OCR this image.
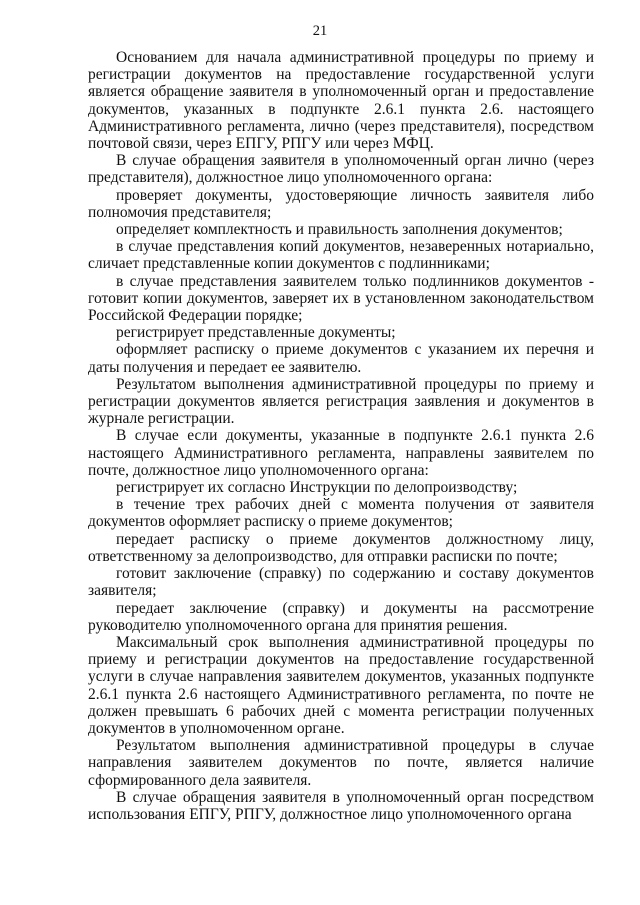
21

Основанием для начала административной процедуры по приему и регистрации документов на предоставление государственной услуги является обращение заявителя в уполномоченный орган и предоставление документов, указанных в подпункте 2.6.1 пункта 2.6. настоящего Административного регламента, лично (через представителя), посредством почтовой связи, через ЕПГУ, РПГУ или через МФЦ.

В случае обращения заявителя в уполномоченный орган лично (через представителя), должностное лицо уполномоченного органа:

проверяет документы, удостоверяющие личность заявителя либо полномочия представителя;

определяет комплектность и правильность заполнения документов;

в случае представления копий документов, незаверенных нотариально, сличает представленные копии документов с подлинниками;

в случае представления заявителем только подлинников документов - готовит копии документов, заверяет их в установленном законодательством Российской Федерации порядке;

регистрирует представленные документы;

оформляет расписку о приеме документов с указанием их перечня и даты получения и передает ее заявителю.

Результатом выполнения административной процедуры по приему и регистрации документов является регистрация заявления и документов в журнале регистрации.

В случае если документы, указанные в подпункте 2.6.1 пункта 2.6 настоящего Административного регламента, направлены заявителем по почте, должностное лицо уполномоченного органа:

регистрирует их согласно Инструкции по делопроизводству;

в течение трех рабочих дней с момента получения от заявителя документов оформляет расписку о приеме документов;

передает расписку о приеме документов должностному лицу, ответственному за делопроизводство, для отправки расписки по почте;

готовит заключение (справку) по содержанию и составу документов заявителя;

передает заключение (справку) и документы на рассмотрение руководителю уполномоченного органа для принятия решения.

Максимальный срок выполнения административной процедуры по приему и регистрации документов на предоставление государственной услуги в случае направления заявителем документов, указанных подпункте 2.6.1 пункта 2.6 настоящего Административного регламента, по почте не должен превышать 6 рабочих дней с момента регистрации полученных документов в уполномоченном органе.

Результатом выполнения административной процедуры в случае направления заявителем документов по почте, является наличие сформированного дела заявителя.

В случае обращения заявителя в уполномоченный орган посредством использования ЕПГУ, РПГУ, должностное лицо уполномоченного органа
